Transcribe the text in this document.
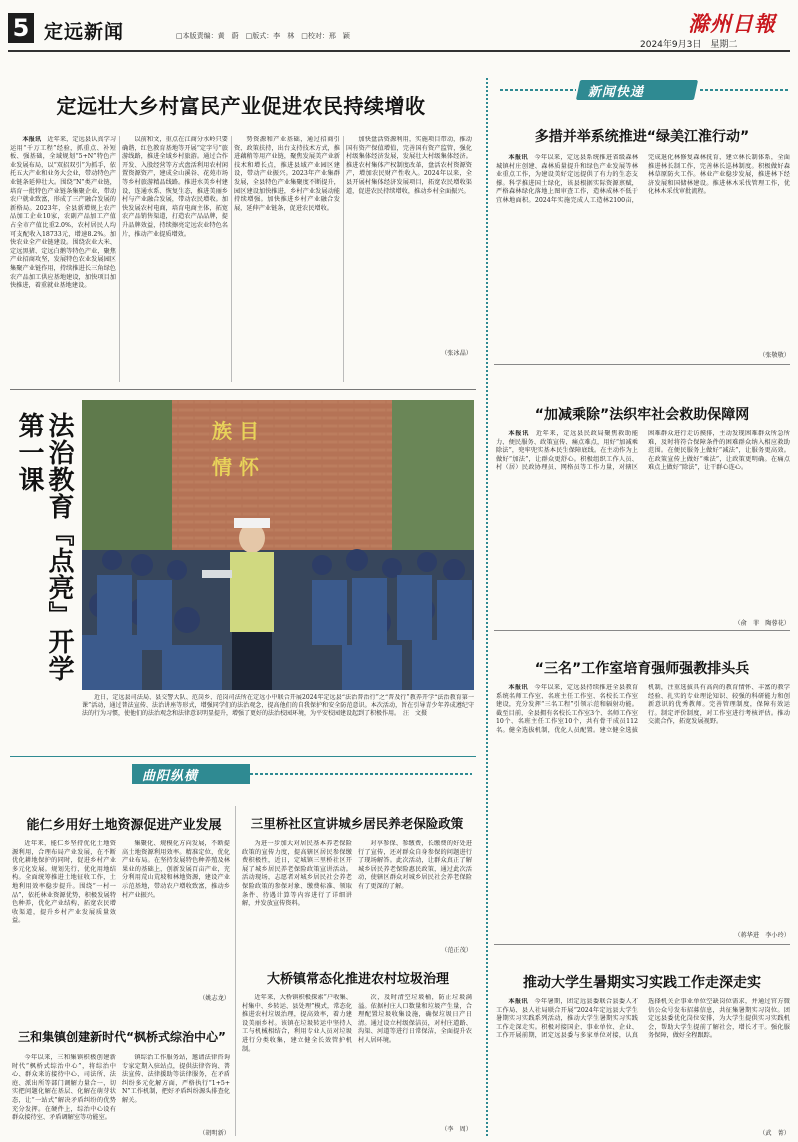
5 定远新闻	□本版责编：黄　蔚　□版式：李　林　□校对：邢　颖	滁州日報
2024年9月3日　星期二
定远壮大乡村富民产业促进农民持续增收

本报讯　 近年来，定远县认真学习运用“千万工程”经验，抓重点、补短板、强基础，全域规划“5+N”特色产业发展布局，以“双招双引”为抓手，依托五大产业和业务大会业，带动特色产业链条延伸壮大。围绕“N”类产业链，培育一批特色产业链条集聚企业，带动农户就业致富，形成了三产融合发展的新格局。2023年，全县新增规上农产品加工企业10家，农副产品加工产值占全市产值比重2.0%，农村居民人均可支配收入18733元，增速8.2%。加快农业全产业链建设。围绕农业大米、定远黑猪、定远白鹅等特色产业，聚焦产业招商攻坚，发展特色农业发展园区集聚产业链作用，持续推进长三角绿色农产品加工供应基地建设，加快项目加快推进，着重就业基地建设。

以前和文，重点在江商分水岭只要确谐，红色教育基地等开展“定字号”旅游线路，推进全域乡村旅游。通过合作开发、入股经营等方式盘活利用农村闲置资源资产，建成全山溪谷、花苑市场等乡村旅游精品线路。推进水美乡村建设，连通水系、恢复生态，推进美丽乡村与产业融合发展，带动农民增收。加快发展农村电商，培育电商主体，拓宽农产品销售渠道，打造农产品品牌，提升品牌效益，持续擦亮定远农业特色名片，推动产业提质增效。

势资源和产业基础，通过招商引资、政策扶持，出台支持技术方式，推进藕稍等用产业链，聚焦发展美产业新技术和增长点，推进县域产业园区建设，带动产业振兴。2023年产业集群发展，全县特色产业集聚度不断提升，园区建设加快推进，乡村产业发展动能持续增强。加快推进乡村产业融合发展，延伸产业链条，促进农民增收。

加快盘活资源利用，实施项目带动，推动国有资产保值增值，完善国有资产监管，强化村级集体经济发展，发展壮大村级集体经济。推进农村集体产权制度改革，盘活农村资源资产，增加农民财产性收入。2024年以来，全县开展村集体经济发展项目，拓宽农民增收渠道，促进农民持续增收，推动乡村全面振兴。

（张冰晶）
法治教育『点亮』开学第一课	族 目
情 怀

近日，定远县司法局、县交警大队、范岗乡、范岗司法所在定远小中联合开展2024年定远县“法治普治行”之“普及行”教养开学“法治教育第一课”活动，通过普法宣传、法治讲座等形式，增强同学们的法治观念，提高他们的自我保护和安全防范意识。本次活动，旨在引导青少年养成遵纪守法的行为习惯，使他们的法治观念和法律意识明显提升，增强了更好的法治校园环境，为平安校园建设起到了积极作用。　 汪　文摄

曲阳纵横
能仁乡用好土地资源促进产业发展

近年来，能仁乡坚持优化土地资源利用，合理布局产业发展，在不断优化耕地保护的同时，促进乡村产业多元化发展。规划先行，优化用地结构。全面统筹推进土地征收工作，土地利用效率稳步提升。围绕“一村一品”，依托林业资源优势，积极发展特色种养，优化产业结构，拓宽农民增收渠道，提升乡村产业发展质量效益。

集聚化、规模化方向发展，不断提高土地资源利用效率。精准定位，优化产业布局。在坚持发展特色种养殖及林果业的基础上，创新发展百亩产业，充分利用荒山荒坡和林地资源，建设产业示范基地，带动农户增收致富，推动乡村产业振兴。

（姚志龙）
三里桥社区宣讲城乡居民养老保险政策

为进一步加大对居民基本养老保险政策的宣传力度，提高辖区居民参保缴费积极性，近日，定城镇三里桥社区开展了城乡居民养老保险政策宣讲活动。活动现场，志愿者对城乡居民社会养老保险政策的参保对象、缴费标准、领取条件、待遇计算等内容进行了详细讲解，并发放宣传资料。

对享参保、参缴费，长缴费的好处进行了宣传，还对群众自身参保的问题进行了现场解答。此次活动，让群众真正了解城乡居民养老保险惠民政策，通过此次活动，使辖区群众对城乡居民社会养老保险有了更深的了解。

（范正茂）
三和集镇创建新时代“枫桥式综治中心”

今年以来，三和集镇积极创建新时代“枫桥式综治中心”，将综治中心、群众来访接待中心、司法所、法庭、派出所等部门调解力量合一，切实把问题化解在基层、化解在萌芽状态，让“一站式”解决矛盾纠纷的优势充分发挥。在硬件上，综治中心设有群众接待室、矛盾调解室等功能室。

镇综治工作服务站，邀请法律咨询专家定期入驻站点，提供法律咨询、普法宣传、法律援助等法律服务，在矛盾纠纷多元化解方面，严格执行“1+5+N”工作机制，把好矛盾纠纷源头排查化解关。

（胡明新）
大桥镇常态化推进农村垃圾治理

近年来，大桥镇积极探索“户收集、村集中、乡转运、县处理”模式，常态化推进农村垃圾治理，提高效率，着力建设美丽乡村。该镇在垃圾转运中坚持人工与机械相结合，利用专业人员对垃圾进行分类收集，建立健全长效管护机制。

次，及时清空垃圾桶，防止垃圾满溢。依据村庄人口数量和垃圾产生量，合理配置垃圾收集设施，确保垃圾日产日清。通过设立村级保洁员，对村庄道路、沟渠、河道等进行日常保洁，全面提升农村人居环境。

（李　周）
新闻快递
多措并举系统推进“绿美江淮行动”

本报讯　 今年以来，定远县系统推进省级森林城镇村庄创建、森林质量提升和绿色产业发展等林业重点工作，为建设美好定远提供了有力的生态支撑。科学推进国土绿化，该县根据实际资源禀赋，严格森林绿化落地上图审查工作，造林成林不低于宜林地面积。2024年实施完成人工造林2100亩，完成退化林修复森林抚育，建立林长制体系，全面推进林长制工作，完善林长巡林制度。积极做好森林草原防火工作。林业产业稳步发展，推进林下经济发展和国储林建设。推进林木采伐管理工作，优化林木采伐审批流程。

（张敬敬）
“加减乘除”法织牢社会救助保障网

本报讯　 近年来，定远县民政局聚焦救助能力、便民服务、政策宣传、痛点难点，用好“加减乘除法”，兜牢兜实基本民生保障底线。在主动作为上做好“加法”，让群众更舒心。积极组织工作人员、村（居）民政协理员、网格员等工作力量，对辖区困难群众进行走访摸排，主动发现困难群众所急所难，及时将符合保障条件的困难群众纳入相应救助范围。在便民服务上做好“减法”，让服务更高效。在政策宣传上做好“乘法”，让政策更明确。在痛点难点上做好“除法”，让干群心连心。

（俞　菲　陶蓉花）
“三名”工作室培育强师强教排头兵

本报讯　 今年以来，定远县持续推进全县教育系统名师工作室、名班主任工作室、名校长工作室建设，充分发挥“三名工程”引领示范和辐射功能。截至目前，全县拥有名校长工作室3个、名师工作室10个、名班主任工作室10个，共有骨干成员112名。健全选拔机制，优化人员配置。建立健全选拔机制，注重选拔具有高尚的教育情怀、丰富的教学经验、扎实的专业理论知识、较强的科研能力和创新意识的优秀教师。完善管理制度，保障有效运行。制定评价制度，对工作室进行考核评估。推动交流合作，拓宽发展视野。

（蒋华进　李小玲）
推动大学生暑期实习实践工作走深走实

本报讯　 今年暑期，团定远县委联合县委人才工作局、县人社局联合开展“2024年定远县大学生暑期实习实践系列活动，推动大学生暑期实习实践工作走深走实。积极对接国企、事业单位、企业、工作开展前期，团定远县委与多家单位对接，认真选择机关企事业单位空缺岗位需求，并通过官方微信公众号发布招募信息，共征集暑期实习岗位。团定远县委优化岗位安排，为大学生提供实习实践机会，帮助大学生提前了解社会，增长才干。强化服务保障，做好全程跟踪。

（武　菁）
